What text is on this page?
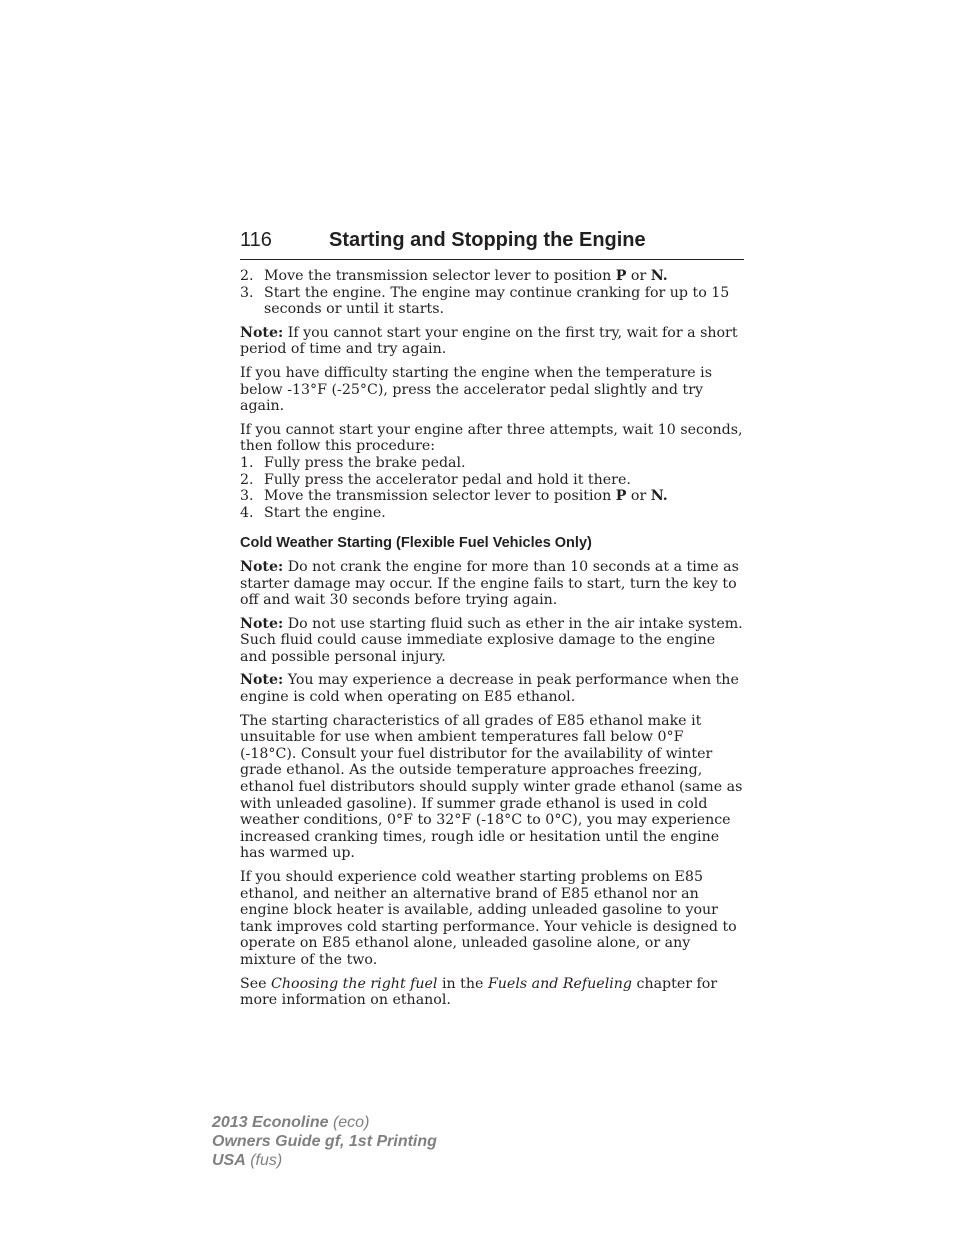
116	Starting and Stopping the Engine
2. Move the transmission selector lever to position P or N.
3. Start the engine. The engine may continue cranking for up to 15 seconds or until it starts.

Note: If you cannot start your engine on the first try, wait for a short period of time and try again.

If you have difficulty starting the engine when the temperature is below -13°F (-25°C), press the accelerator pedal slightly and try again.

If you cannot start your engine after three attempts, wait 10 seconds, then follow this procedure:

1. Fully press the brake pedal.
2. Fully press the accelerator pedal and hold it there.
3. Move the transmission selector lever to position P or N.
4. Start the engine.
Cold Weather Starting (Flexible Fuel Vehicles Only)

Note: Do not crank the engine for more than 10 seconds at a time as starter damage may occur. If the engine fails to start, turn the key to off and wait 30 seconds before trying again.

Note: Do not use starting fluid such as ether in the air intake system. Such fluid could cause immediate explosive damage to the engine and possible personal injury.

Note: You may experience a decrease in peak performance when the engine is cold when operating on E85 ethanol.

The starting characteristics of all grades of E85 ethanol make it unsuitable for use when ambient temperatures fall below 0°F (-18°C). Consult your fuel distributor for the availability of winter grade ethanol. As the outside temperature approaches freezing, ethanol fuel distributors should supply winter grade ethanol (same as with unleaded gasoline). If summer grade ethanol is used in cold weather conditions, 0°F to 32°F (-18°C to 0°C), you may experience increased cranking times, rough idle or hesitation until the engine has warmed up.

If you should experience cold weather starting problems on E85 ethanol, and neither an alternative brand of E85 ethanol nor an engine block heater is available, adding unleaded gasoline to your tank improves cold starting performance. Your vehicle is designed to operate on E85 ethanol alone, unleaded gasoline alone, or any mixture of the two.

See Choosing the right fuel in the Fuels and Refueling chapter for more information on ethanol.

2013 Econoline (eco)
Owners Guide gf, 1st Printing
USA (fus)
